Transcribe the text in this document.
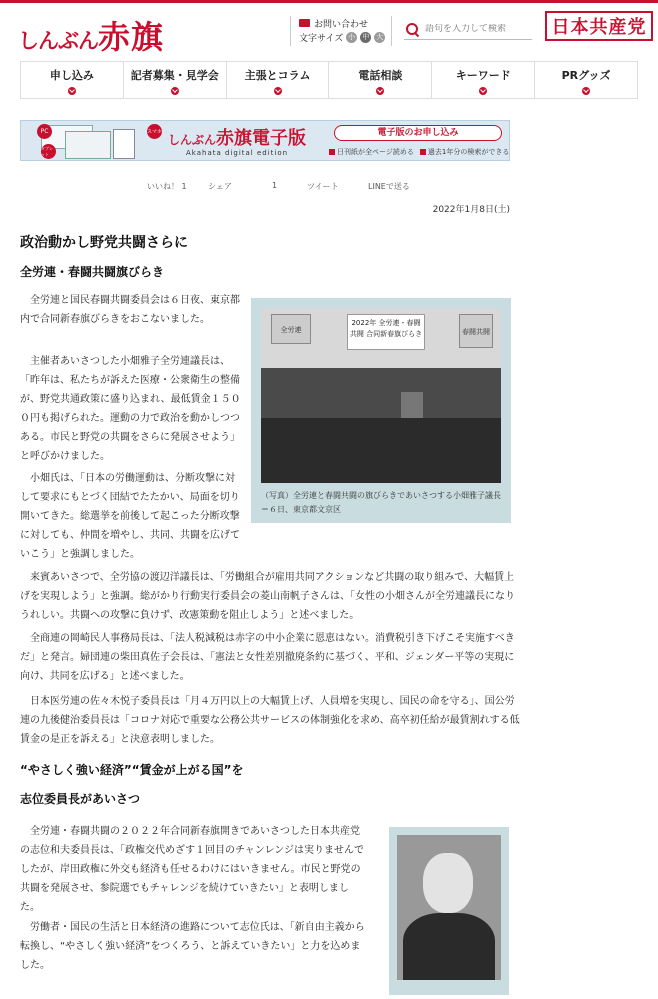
しんぶん赤旗	お問い合わせ
文字サイズ 小 中 大
語句を入力して検索	日本共産党
申し込み	記者募集・見学会	主張とコラム	電話相談	キーワード	PRグッズ
PC
タブレット
スマホ
しんぶん赤旗電子版
Akahata digital edition
電子版のお申し込み
日刊紙が全ページ読める 過去1年分の検索ができる
いいね！ 1	シェア	1	ツイート	LINEで送る
2022年1月8日(土)
政治動かし野党共闘さらに
全労連・春闘共闘旗びらき

全労連と国民春闘共闘委員会は６日夜、東京都内で合同新春旗びらきをおこないました。

主催者あいさつした小畑雅子全労連議長は、「昨年は、私たちが訴えた医療・公衆衛生の整備が、野党共通政策に盛り込まれ、最低賃金１５００円も掲げられた。運動の力で政治を動かしつつある。市民と野党の共闘をさらに発展させよう」と呼びかけました。

小畑氏は、「日本の労働運動は、分断攻撃に対して要求にもとづく団結でたたかい、局面を切り開いてきた。総選挙を前後して起こった分断攻撃に対しても、仲間を増やし、共同、共闘を広げていこう」と強調しました。

全労連
2022年 全労連・春闘共闘 合同新春旗びらき	春闘共闘
（写真）全労連と春闘共闘の旗びらきであいさつする小畑雅子議長＝６日、東京都文京区

来賓あいさつで、全労協の渡辺洋議長は、「労働組合が雇用共同アクションなど共闘の取り組みで、大幅賃上げを実現しよう」と強調。総がかり行動実行委員会の菱山南帆子さんは、「女性の小畑さんが全労連議長になりうれしい。共闘への攻撃に負けず、改憲策動を阻止しよう」と述べました。

全商連の岡崎民人事務局長は、「法人税減税は赤字の中小企業に恩恵はない。消費税引き下げこそ実施すべきだ」と発言。婦団連の柴田真佐子会長は、「憲法と女性差別撤廃条約に基づく、平和、ジェンダー平等の実現に向け、共同を広げる」と述べました。

日本医労連の佐々木悦子委員長は「月４万円以上の大幅賃上げ、人員増を実現し、国民の命を守る」、国公労連の九後健治委員長は「コロナ対応で重要な公務公共サービスの体制強化を求め、高卒初任給が最賃割れする低賃金の是正を訴える」と決意表明しました。

“やさしく強い経済”“賃金が上がる国”を
志位委員長があいさつ

全労連・春闘共闘の２０２２年合同新春旗開きであいさつした日本共産党の志位和夫委員長は、「政権交代めざす１回目のチャンレンジは実りませんでしたが、岸田政権に外交も経済も任せるわけにはいきません。市民と野党の共闘を発展させ、参院選でもチャレンジを続けていきたい」と表明しました。

労働者・国民の生活と日本経済の進路について志位氏は、「新自由主義から転換し、“やさしく強い経済”をつくろう、と訴えていきたい」と力を込めました。
